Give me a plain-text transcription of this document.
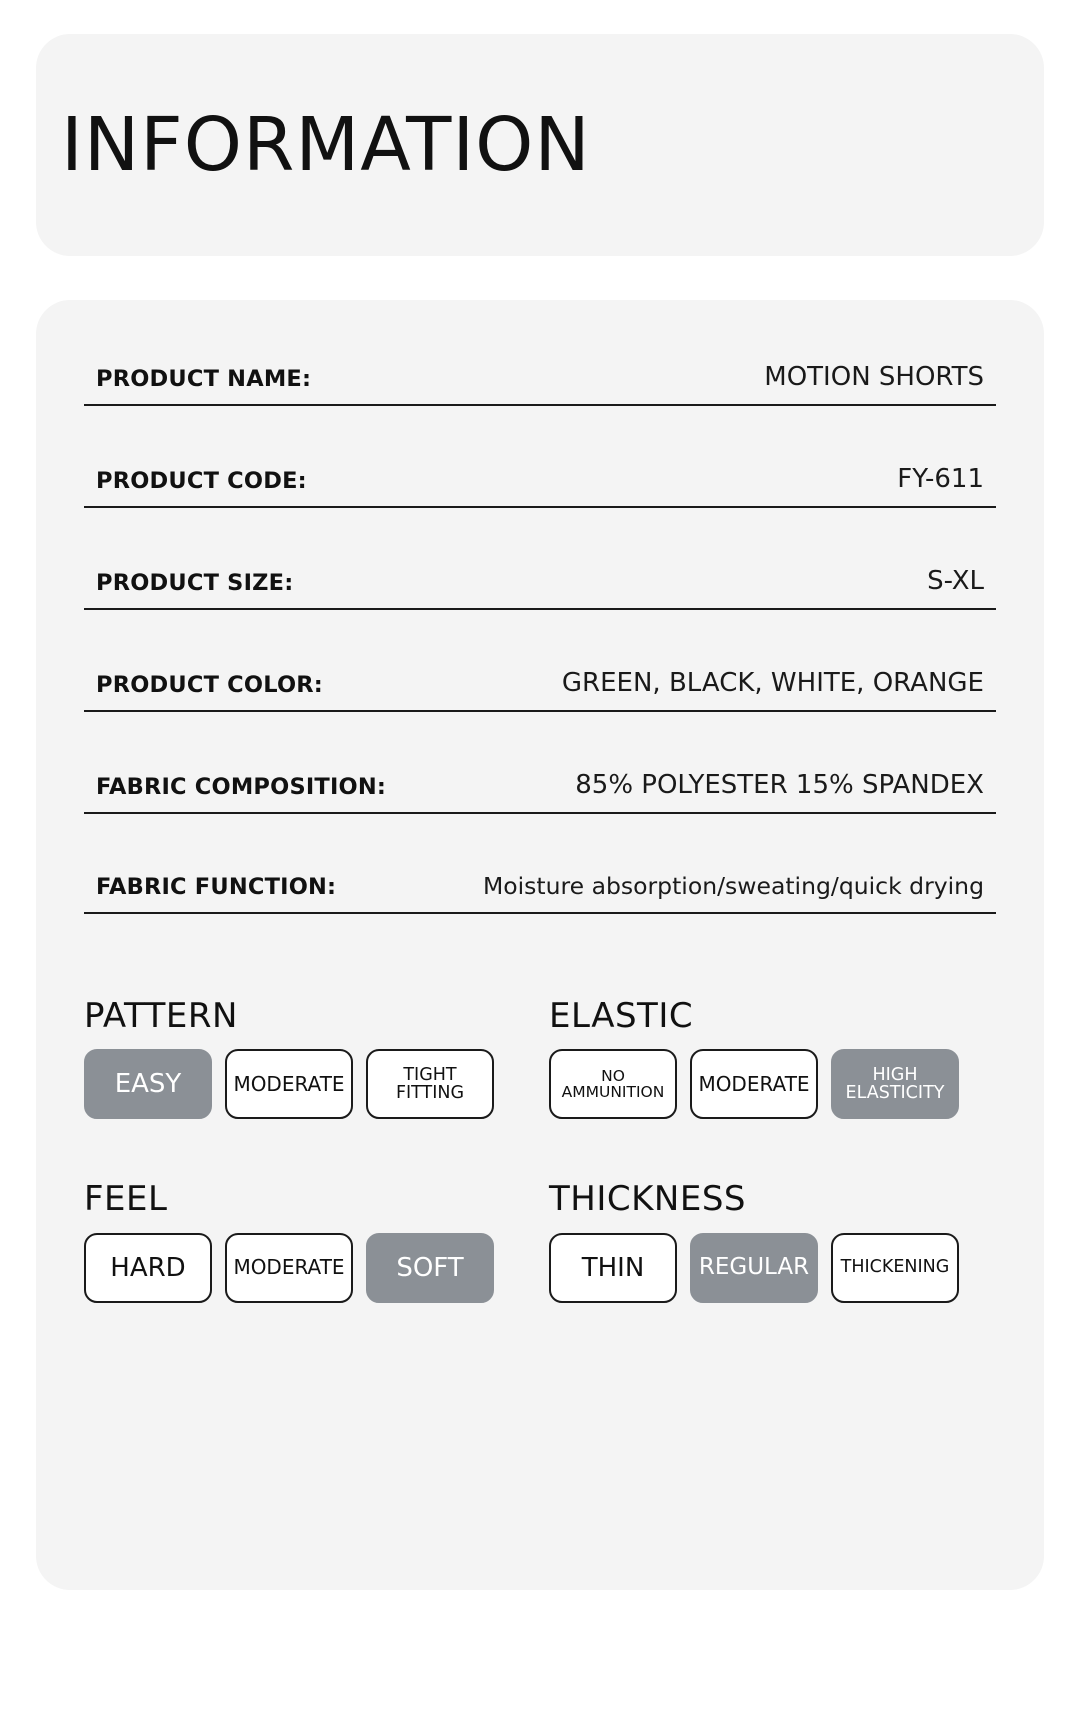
INFORMATION
PRODUCT NAME:	MOTION SHORTS
PRODUCT CODE:	FY-611
PRODUCT SIZE:	S-XL
PRODUCT COLOR:	GREEN, BLACK, WHITE, ORANGE
FABRIC COMPOSITION:	85% POLYESTER 15% SPANDEX
FABRIC FUNCTION:	Moisture absorption/sweating/quick drying
PATTERN
EASY	MODERATE	TIGHT FITTING
ELASTIC
NO AMMUNITION	MODERATE	HIGH ELASTICITY
FEEL
HARD MODERATE SOFT
THICKNESS
THIN REGULAR THICKENING
